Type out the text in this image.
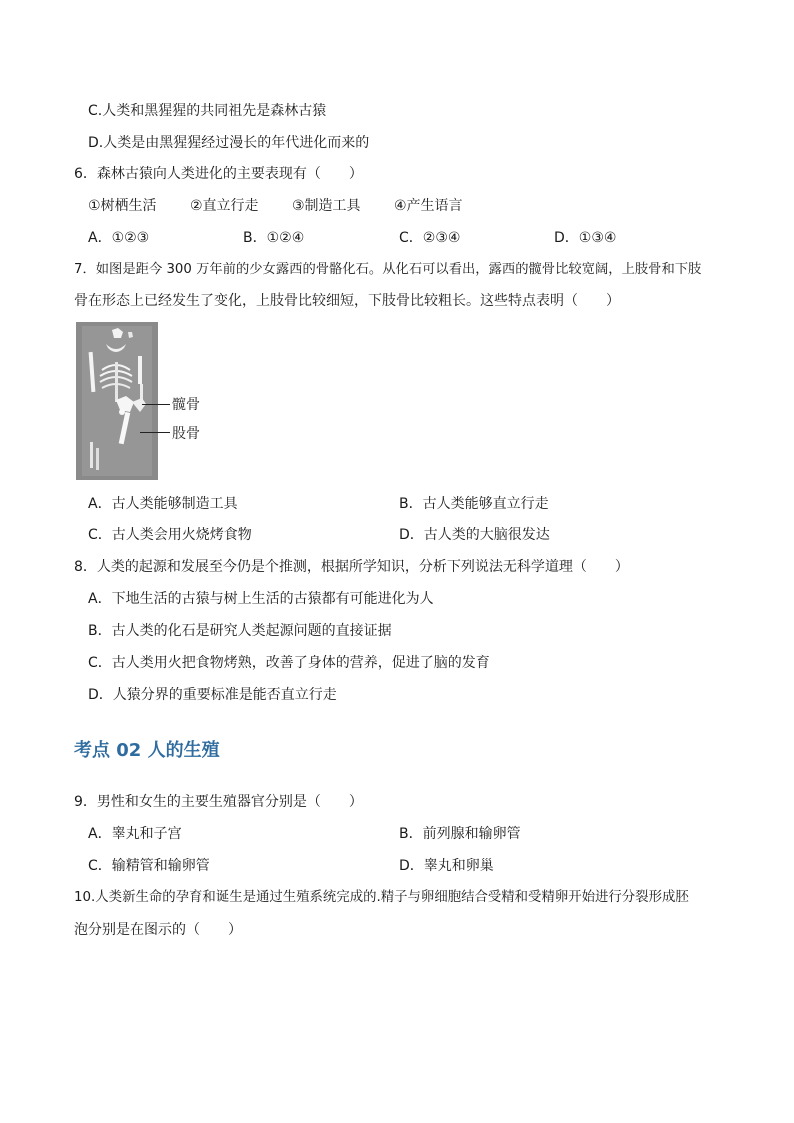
C.人类和黑猩猩的共同祖先是森林古猿
D.人类是由黑猩猩经过漫长的年代进化而来的
6．森林古猿向人类进化的主要表现有（　　）
①树栖生活 ②直立行走 ③制造工具 ④产生语言
A．①②③	B．①②④	C．②③④	D．①③④
7．如图是距今 300 万年前的少女露西的骨骼化石。从化石可以看出，露西的髋骨比较宽阔，上肢骨和下肢
骨在形态上已经发生了变化，上肢骨比较细短，下肢骨比较粗长。这些特点表明（　　）
髋骨
股骨
A．古人类能够制造工具	B．古人类能够直立行走
C．古人类会用火烧烤食物	D．古人类的大脑很发达
8．人类的起源和发展至今仍是个推测，根据所学知识，分析下列说法无科学道理（　　）
A．下地生活的古猿与树上生活的古猿都有可能进化为人
B．古人类的化石是研究人类起源问题的直接证据
C．古人类用火把食物烤熟，改善了身体的营养，促进了脑的发育
D．人猿分界的重要标准是能否直立行走
考点 02 人的生殖
9．男性和女生的主要生殖器官分别是（　　）
A．睾丸和子宫	B．前列腺和输卵管
C．输精管和输卵管	D．睾丸和卵巢
10.人类新生命的孕育和诞生是通过生殖系统完成的.精子与卵细胞结合受精和受精卵开始进行分裂形成胚
泡分别是在图示的（　　）
